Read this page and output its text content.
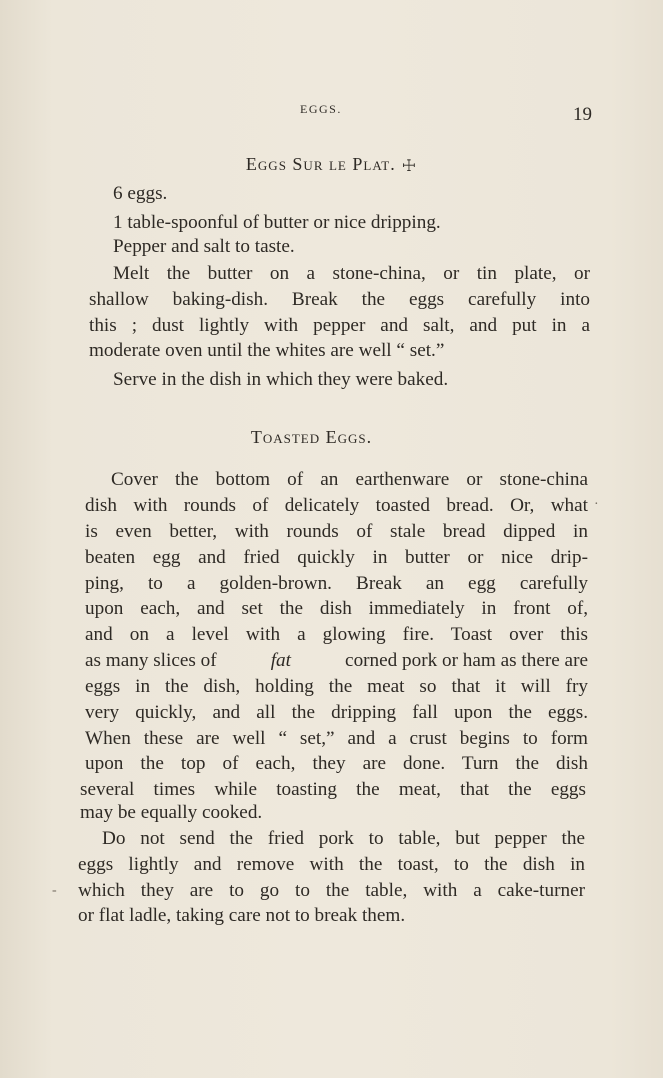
EGGS.	19
Eggs Sur le Plat. ☩
6 eggs.
1 table-spoonful of butter or nice dripping.
Pepper and salt to taste.
Melt the butter on a stone-china, or tin plate, or
shallow baking-dish. Break the eggs carefully into
this ; dust lightly with pepper and salt, and put in a
moderate oven until the whites are well “ set.”
Serve in the dish in which they were baked.
Toasted Eggs.
Cover the bottom of an earthenware or stone-china
dish with rounds of delicately toasted bread. Or, what
is even better, with rounds of stale bread dipped in
beaten egg and fried quickly in butter or nice drip-
ping, to a golden-brown. Break an egg carefully
upon each, and set the dish immediately in front of,
and on a level with a glowing fire. Toast over this
as many slices of	fat	corned pork or ham as there are
eggs in the dish, holding the meat so that it will fry
very quickly, and all the dripping fall upon the eggs.
When these are well “ set,” and a crust begins to form
upon the top of each, they are done. Turn the dish
several times while toasting the meat, that the eggs
may be equally cooked.
Do not send the fried pork to table, but pepper the
eggs lightly and remove with the toast, to the dish in
which they are to go to the table, with a cake-turner
or flat ladle, taking care not to break them.
·
-
